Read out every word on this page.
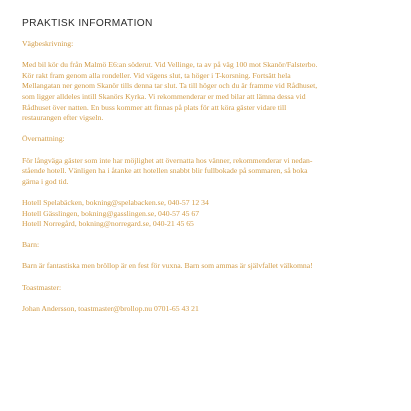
PRAKTISK INFORMATION
Vägbeskrivning:
Med bil kör du från Malmö E6:an söderut. Vid Vellinge, ta av på väg 100 mot Skanör/Falsterbo.
Kör rakt fram genom alla rondeller. Vid vägens slut, ta höger i T-korsning. Fortsätt hela
Mellangatan ner genom Skanör tills denna tar slut. Ta till höger och du är framme vid Rådhuset,
som ligger alldeles intill Skanörs Kyrka. Vi rekommenderar er med bilar att lämna dessa vid
Rådhuset över natten. En buss kommer att finnas på plats för att köra gäster vidare till
restaurangen efter vigseln.
Övernattning:
För långväga gäster som inte har möjlighet att övernatta hos vänner, rekommenderar vi nedan-
stående hotell. Vänligen ha i åtanke att hotellen snabbt blir fullbokade på sommaren, så boka
gärna i god tid.
Hotell Spelabäcken, bokning@spelabacken.se, 040-57 12 34
Hotell Gässlingen, bokning@gasslingen.se, 040-57 45 67
Hotell Norregård, bokning@norregard.se, 040-21 45 65
Barn:
Barn är fantastiska men bröllop är en fest för vuxna. Barn som ammas är självfallet välkomna!
Toastmaster:
Johan Andersson, toastmaster@brollop.nu 0701-65 43 21
